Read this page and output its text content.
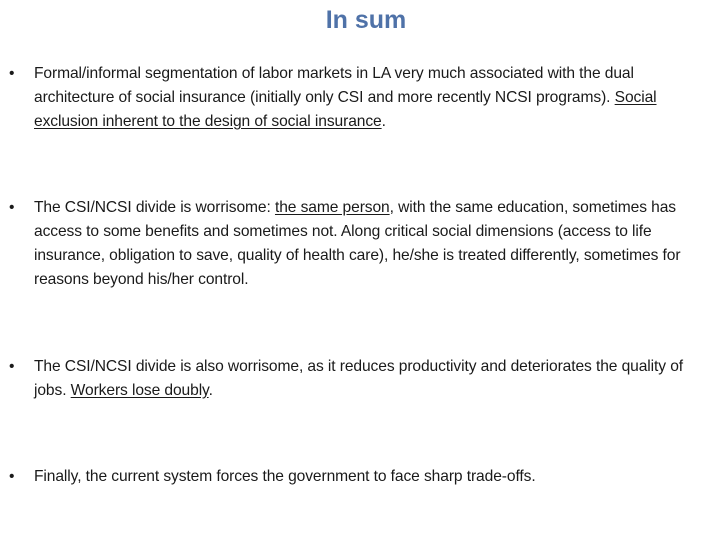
In sum
• Formal/informal segmentation of labor markets in LA very much associated with the dual architecture of social insurance (initially only CSI and more recently NCSI programs). Social exclusion inherent to the design of social insurance.
• The CSI/NCSI divide is worrisome: the same person, with the same education, sometimes has access to some benefits and sometimes not. Along critical social dimensions (access to life insurance, obligation to save, quality of health care), he/she is treated differently, sometimes for reasons beyond his/her control.
• The CSI/NCSI divide is also worrisome, as it reduces productivity and deteriorates the quality of jobs. Workers lose doubly.
• Finally, the current system forces the government to face sharp trade-offs.
